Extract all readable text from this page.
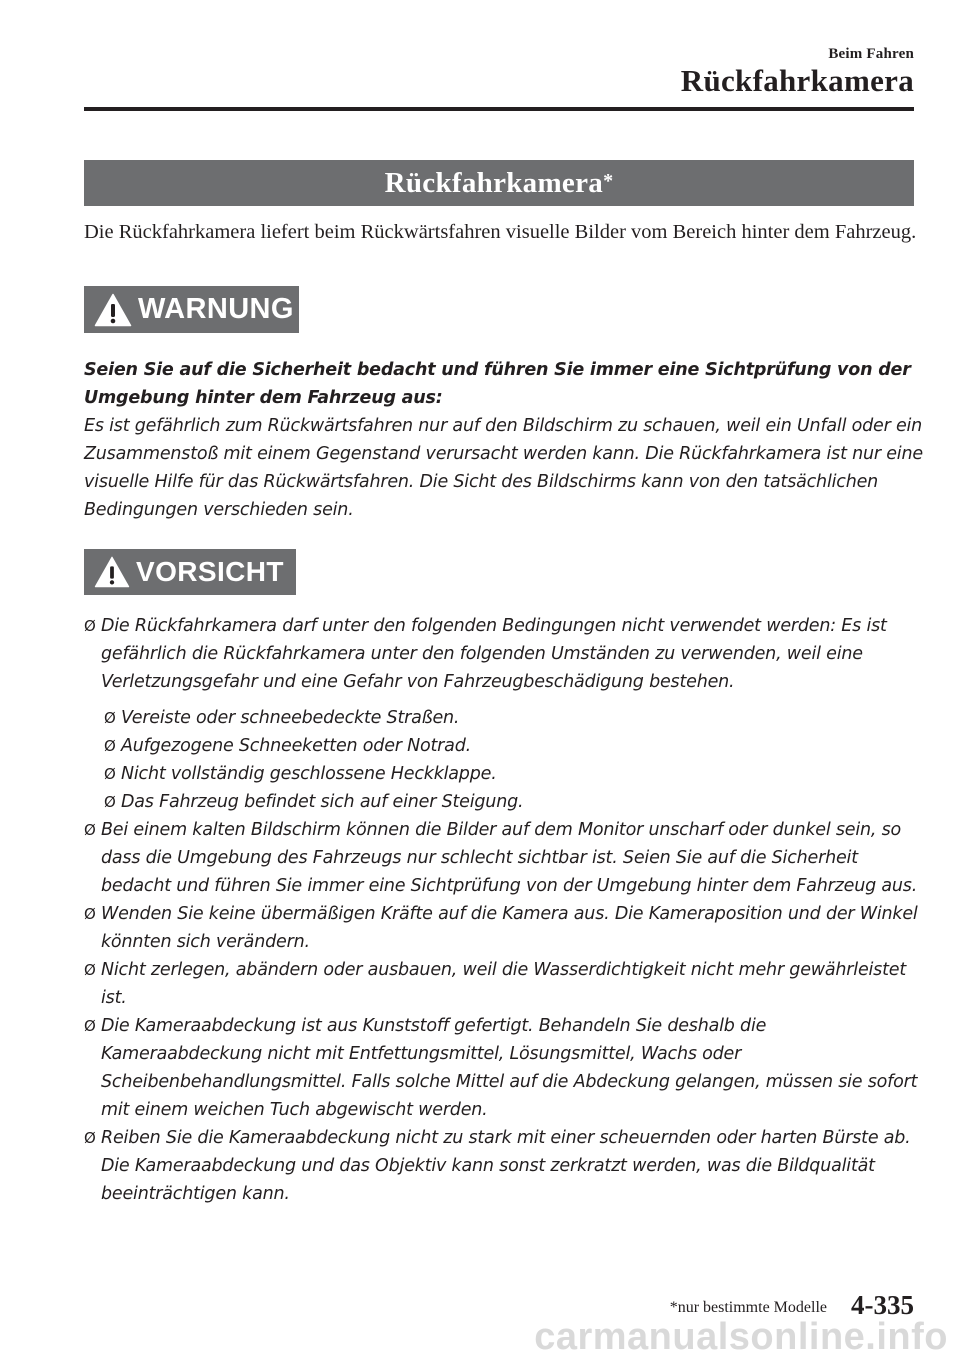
Beim Fahren
Rückfahrkamera
Rückfahrkamera*
Die Rückfahrkamera liefert beim Rückwärtsfahren visuelle Bilder vom Bereich hinter dem Fahrzeug.
WARNUNG
Seien Sie auf die Sicherheit bedacht und führen Sie immer eine Sichtprüfung von der Umgebung hinter dem Fahrzeug aus:
Es ist gefährlich zum Rückwärtsfahren nur auf den Bildschirm zu schauen, weil ein Unfall oder ein Zusammenstoß mit einem Gegenstand verursacht werden kann. Die Rückfahrkamera ist nur eine visuelle Hilfe für das Rückwärtsfahren. Die Sicht des Bildschirms kann von den tatsächlichen Bedingungen verschieden sein.
VORSICHT
Ø Die Rückfahrkamera darf unter den folgenden Bedingungen nicht verwendet werden: Es ist gefährlich die Rückfahrkamera unter den folgenden Umständen zu verwenden, weil eine Verletzungsgefahr und eine Gefahr von Fahrzeugbeschädigung bestehen.
Ø Vereiste oder schneebedeckte Straßen.
Ø Aufgezogene Schneeketten oder Notrad.
Ø Nicht vollständig geschlossene Heckklappe.
Ø Das Fahrzeug befindet sich auf einer Steigung.
Ø Bei einem kalten Bildschirm können die Bilder auf dem Monitor unscharf oder dunkel sein, so dass die Umgebung des Fahrzeugs nur schlecht sichtbar ist. Seien Sie auf die Sicherheit bedacht und führen Sie immer eine Sichtprüfung von der Umgebung hinter dem Fahrzeug aus.
Ø Wenden Sie keine übermäßigen Kräfte auf die Kamera aus. Die Kameraposition und der Winkel könnten sich verändern.
Ø Nicht zerlegen, abändern oder ausbauen, weil die Wasserdichtigkeit nicht mehr gewährleistet ist.
Ø Die Kameraabdeckung ist aus Kunststoff gefertigt. Behandeln Sie deshalb die Kameraabdeckung nicht mit Entfettungsmittel, Lösungsmittel, Wachs oder Scheibenbehandlungsmittel. Falls solche Mittel auf die Abdeckung gelangen, müssen sie sofort mit einem weichen Tuch abgewischt werden.
Ø Reiben Sie die Kameraabdeckung nicht zu stark mit einer scheuernden oder harten Bürste ab. Die Kameraabdeckung und das Objektiv kann sonst zerkratzt werden, was die Bildqualität beeinträchtigen kann.
*nur bestimmte Modelle 4-335
carmanualsonline.info
